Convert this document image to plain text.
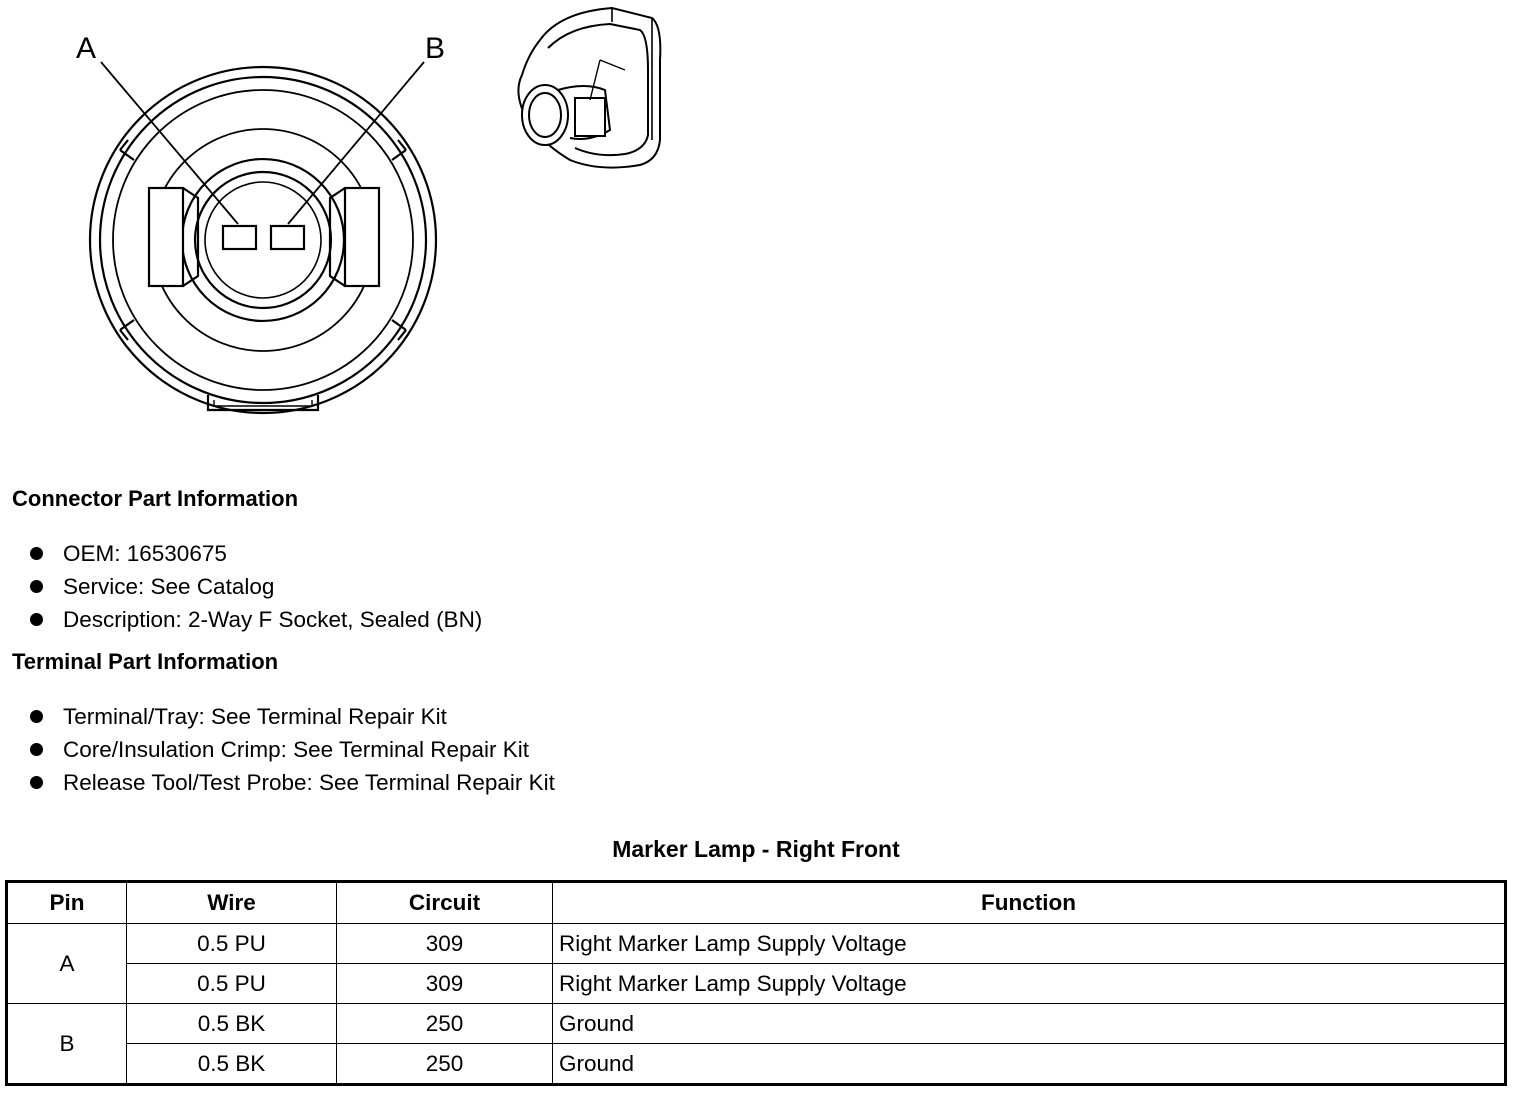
A	B
Connector Part Information
OEM: 16530675
Service: See Catalog
Description: 2-Way F Socket, Sealed (BN)
Terminal Part Information
Terminal/Tray: See Terminal Repair Kit
Core/Insulation Crimp: See Terminal Repair Kit
Release Tool/Test Probe: See Terminal Repair Kit
Marker Lamp - Right Front
Pin	Wire	Circuit	Function
A	0.5 PU	309	Right Marker Lamp Supply Voltage
	0.5 PU	309	Right Marker Lamp Supply Voltage
B	0.5 BK	250	Ground
	0.5 BK	250	Ground
